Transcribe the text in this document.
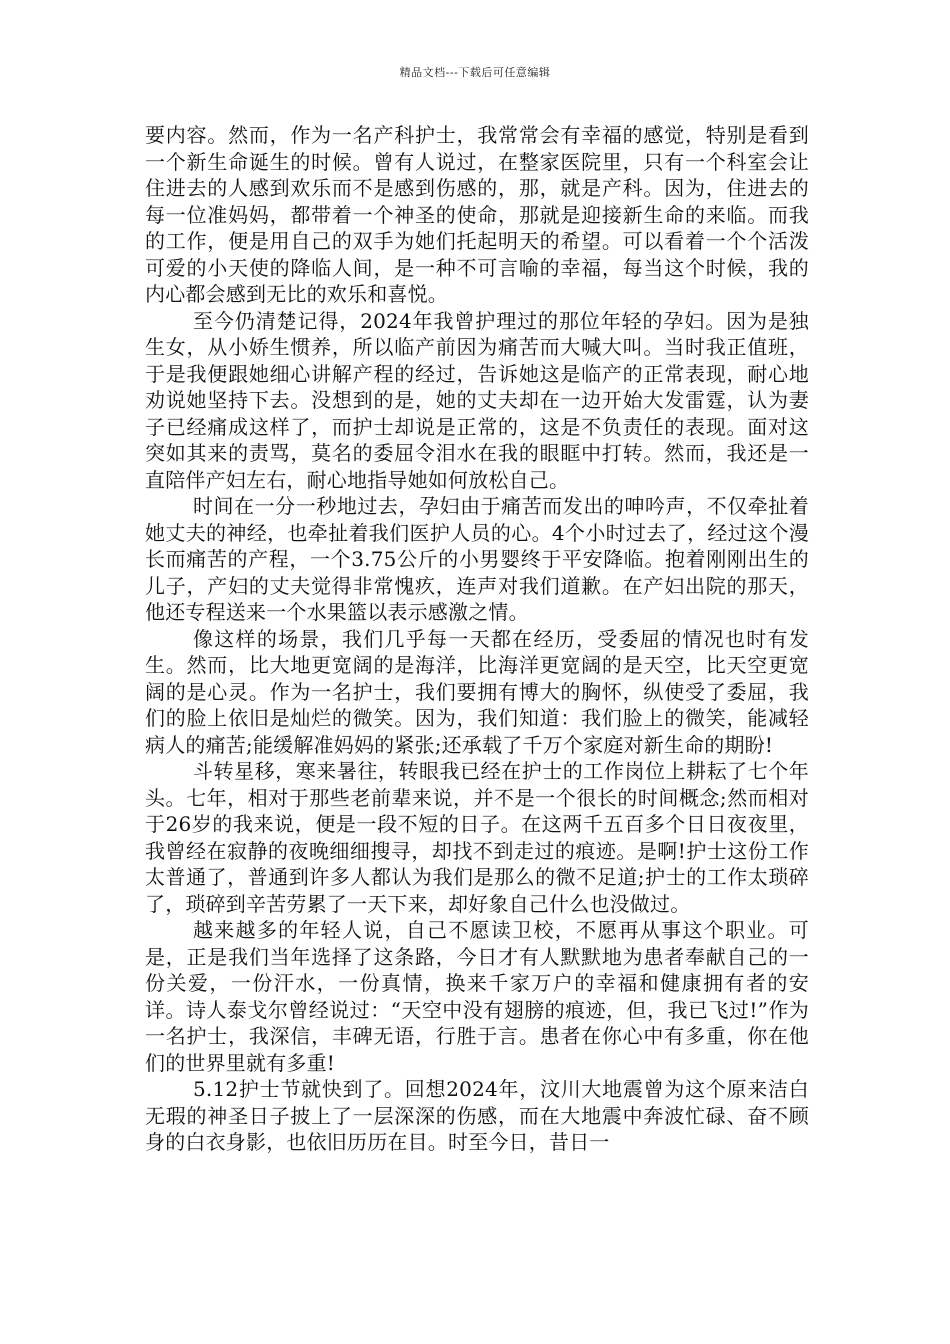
精品文档---下载后可任意编辑

要内容。然而，作为一名产科护士，我常常会有幸福的感觉，特别是看到一个新生命诞生的时候。曾有人说过，在整家医院里，只有一个科室会让住进去的人感到欢乐而不是感到伤感的，那，就是产科。因为，住进去的每一位准妈妈，都带着一个神圣的使命，那就是迎接新生命的来临。而我的工作，便是用自己的双手为她们托起明天的希望。可以看着一个个活泼可爱的小天使的降临人间，是一种不可言喻的幸福，每当这个时候，我的内心都会感到无比的欢乐和喜悦。

至今仍清楚记得，2024年我曾护理过的那位年轻的孕妇。因为是独生女，从小娇生惯养，所以临产前因为痛苦而大喊大叫。当时我正值班，于是我便跟她细心讲解产程的经过，告诉她这是临产的正常表现，耐心地劝说她坚持下去。没想到的是，她的丈夫却在一边开始大发雷霆，认为妻子已经痛成这样了，而护士却说是正常的，这是不负责任的表现。面对这突如其来的责骂，莫名的委屈令泪水在我的眼眶中打转。然而，我还是一直陪伴产妇左右，耐心地指导她如何放松自己。

时间在一分一秒地过去，孕妇由于痛苦而发出的呻吟声，不仅牵扯着她丈夫的神经，也牵扯着我们医护人员的心。4个小时过去了，经过这个漫长而痛苦的产程，一个3.75公斤的小男婴终于平安降临。抱着刚刚出生的儿子，产妇的丈夫觉得非常愧疚，连声对我们道歉。在产妇出院的那天，他还专程送来一个水果篮以表示感激之情。

像这样的场景，我们几乎每一天都在经历，受委屈的情况也时有发生。然而，比大地更宽阔的是海洋，比海洋更宽阔的是天空，比天空更宽阔的是心灵。作为一名护士，我们要拥有博大的胸怀，纵使受了委屈，我们的脸上依旧是灿烂的微笑。因为，我们知道：我们脸上的微笑，能减轻病人的痛苦;能缓解准妈妈的紧张;还承载了千万个家庭对新生命的期盼!

斗转星移，寒来暑往，转眼我已经在护士的工作岗位上耕耘了七个年头。七年，相对于那些老前辈来说，并不是一个很长的时间概念;然而相对于26岁的我来说，便是一段不短的日子。在这两千五百多个日日夜夜里，我曾经在寂静的夜晚细细搜寻，却找不到走过的痕迹。是啊!护士这份工作太普通了，普通到许多人都认为我们是那么的微不足道;护士的工作太琐碎了，琐碎到辛苦劳累了一天下来，却好象自己什么也没做过。

越来越多的年轻人说，自己不愿读卫校，不愿再从事这个职业。可是，正是我们当年选择了这条路，今日才有人默默地为患者奉献自己的一份关爱，一份汗水，一份真情，换来千家万户的幸福和健康拥有者的安详。诗人泰戈尔曾经说过：“天空中没有翅膀的痕迹，但，我已飞过!”作为一名护士，我深信，丰碑无语，行胜于言。患者在你心中有多重，你在他们的世界里就有多重!

5.12护士节就快到了。回想2024年，汶川大地震曾为这个原来洁白无瑕的神圣日子披上了一层深深的伤感，而在大地震中奔波忙碌、奋不顾身的白衣身影，也依旧历历在目。时至今日，昔日一
